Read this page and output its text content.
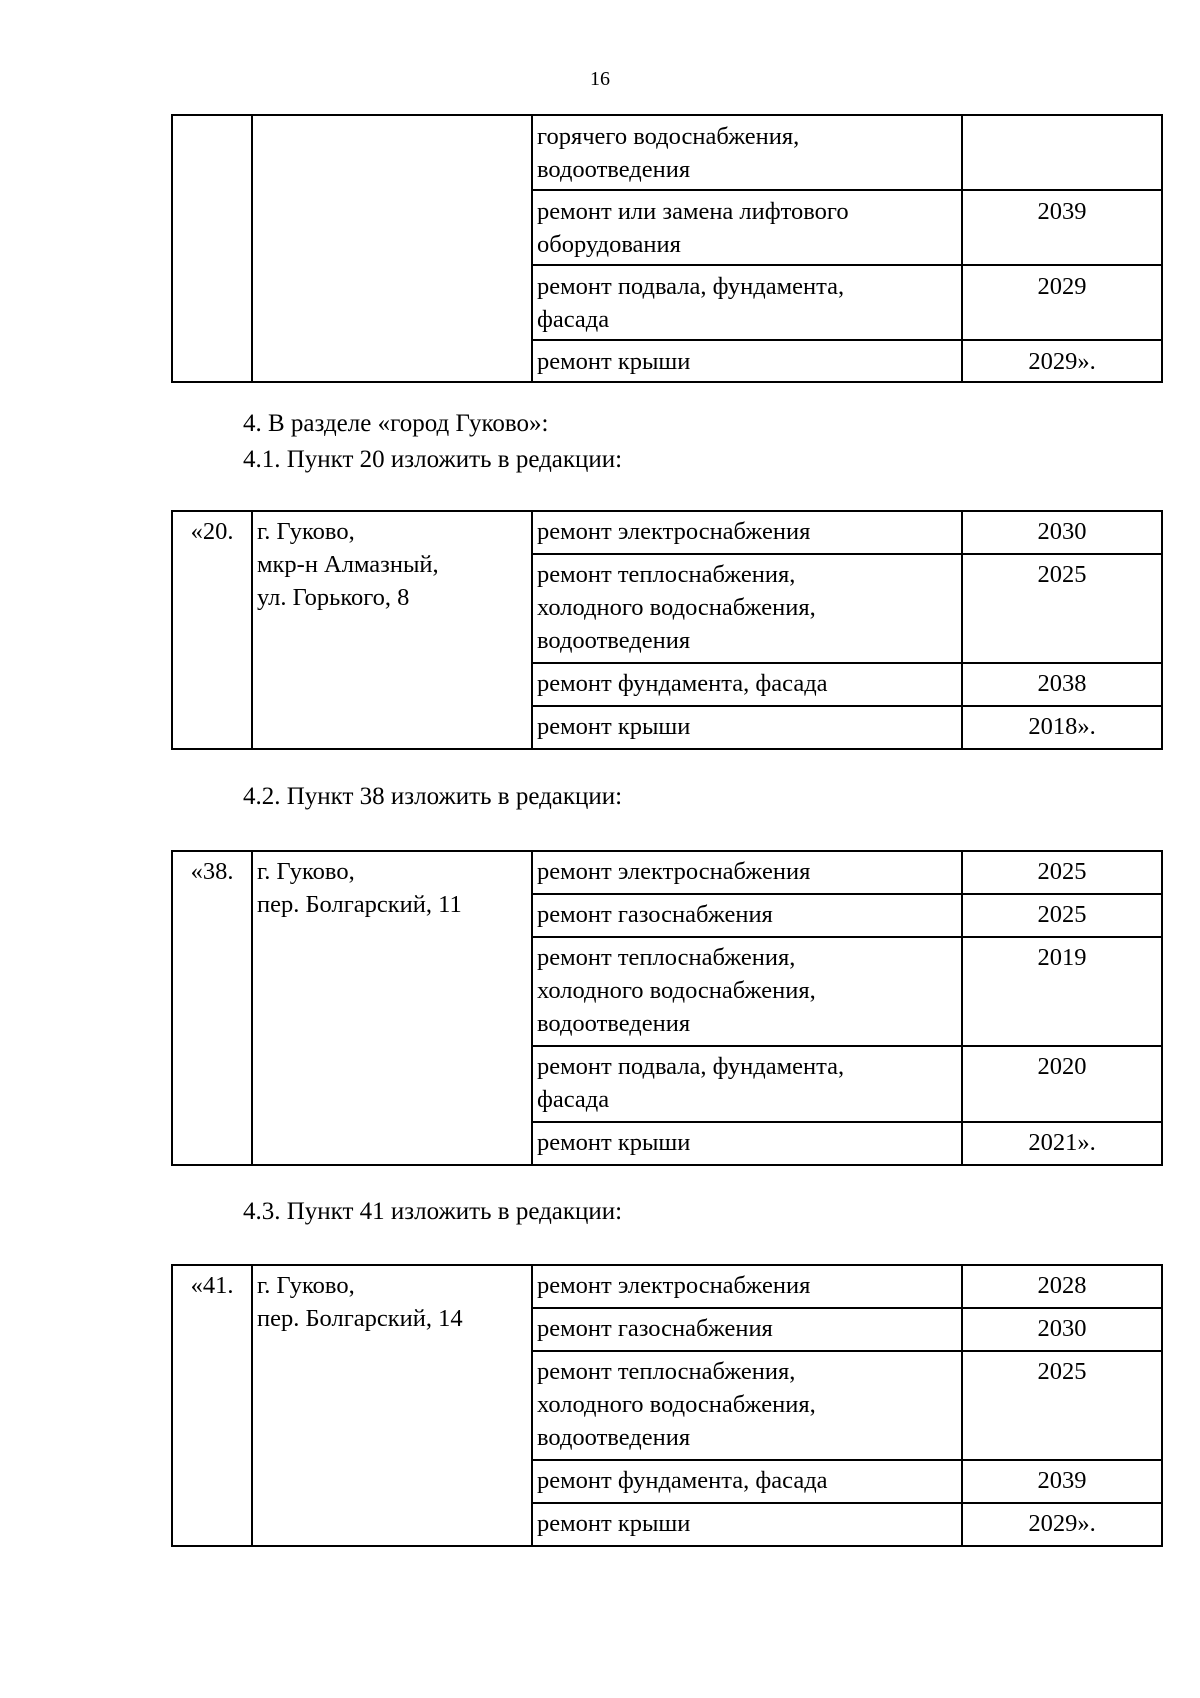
16
		горячего водоснабжения,
водоотведения	
		ремонт или замена лифтового
оборудования	2039
		ремонт подвала, фундамента,
фасада	2029
		ремонт крыши	2029».
4. В разделе «город Гуково»:
4.1. Пункт 20 изложить в редакции:
«20.	г. Гуково,
мкр-н Алмазный,
ул. Горького, 8	ремонт электроснабжения	2030
		ремонт теплоснабжения,
холодного водоснабжения,
водоотведения	2025
		ремонт фундамента, фасада	2038
		ремонт крыши	2018».
4.2. Пункт 38 изложить в редакции:
«38.	г. Гуково,
пер. Болгарский, 11	ремонт электроснабжения	2025
		ремонт газоснабжения	2025
		ремонт теплоснабжения,
холодного водоснабжения,
водоотведения	2019
		ремонт подвала, фундамента,
фасада	2020
		ремонт крыши	2021».
4.3. Пункт 41 изложить в редакции:
«41.	г. Гуково,
пер. Болгарский, 14	ремонт электроснабжения	2028
		ремонт газоснабжения	2030
		ремонт теплоснабжения,
холодного водоснабжения,
водоотведения	2025
		ремонт фундамента, фасада	2039
		ремонт крыши	2029».
